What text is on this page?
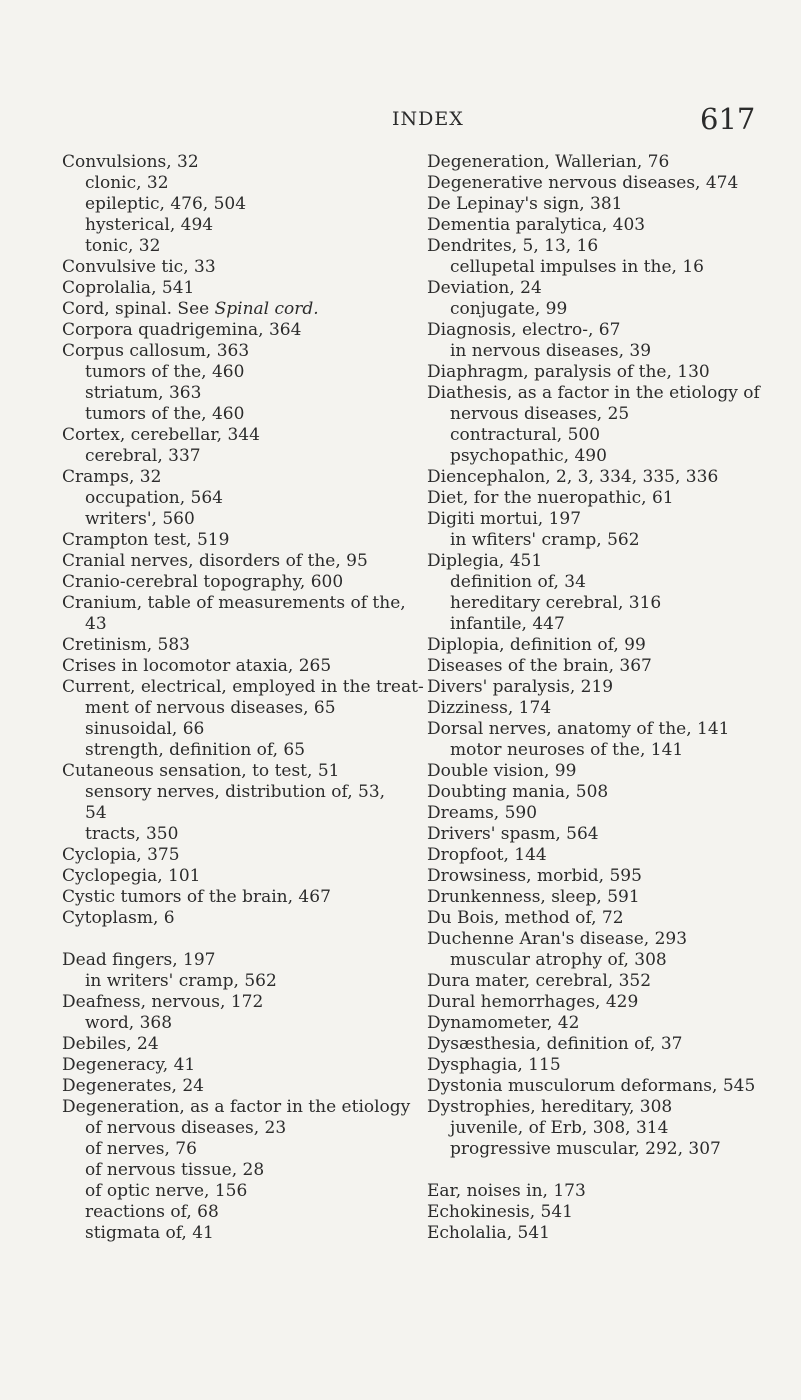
INDEX	617
Convulsions, 32
clonic, 32
epileptic, 476, 504
hysterical, 494
tonic, 32
Convulsive tic, 33
Coprolalia, 541
Cord, spinal. See Spinal cord.
Corpora quadrigemina, 364
Corpus callosum, 363
tumors of the, 460
striatum, 363
tumors of the, 460
Cortex, cerebellar, 344
cerebral, 337
Cramps, 32
occupation, 564
writers', 560
Crampton test, 519
Cranial nerves, disorders of the, 95
Cranio-cerebral topography, 600
Cranium, table of measurements of the,
43
Cretinism, 583
Crises in locomotor ataxia, 265
Current, electrical, employed in the treat-
ment of nervous diseases, 65
sinusoidal, 66
strength, definition of, 65
Cutaneous sensation, to test, 51
sensory nerves, distribution of, 53,
54
tracts, 350
Cyclopia, 375
Cyclopegia, 101
Cystic tumors of the brain, 467
Cytoplasm, 6
Dead fingers, 197
in writers' cramp, 562
Deafness, nervous, 172
word, 368
Debiles, 24
Degeneracy, 41
Degenerates, 24
Degeneration, as a factor in the etiology
of nervous diseases, 23
of nerves, 76
of nervous tissue, 28
of optic nerve, 156
reactions of, 68
stigmata of, 41
Degeneration, Wallerian, 76
Degenerative nervous diseases, 474
De Lepinay's sign, 381
Dementia paralytica, 403
Dendrites, 5, 13, 16
cellupetal impulses in the, 16
Deviation, 24
conjugate, 99
Diagnosis, electro-, 67
in nervous diseases, 39
Diaphragm, paralysis of the, 130
Diathesis, as a factor in the etiology of
nervous diseases, 25
contractural, 500
psychopathic, 490
Diencephalon, 2, 3, 334, 335, 336
Diet, for the nueropathic, 61
Digiti mortui, 197
in wfiters' cramp, 562
Diplegia, 451
definition of, 34
hereditary cerebral, 316
infantile, 447
Diplopia, definition of, 99
Diseases of the brain, 367
Divers' paralysis, 219
Dizziness, 174
Dorsal nerves, anatomy of the, 141
motor neuroses of the, 141
Double vision, 99
Doubting mania, 508
Dreams, 590
Drivers' spasm, 564
Dropfoot, 144
Drowsiness, morbid, 595
Drunkenness, sleep, 591
Du Bois, method of, 72
Duchenne Aran's disease, 293
muscular atrophy of, 308
Dura mater, cerebral, 352
Dural hemorrhages, 429
Dynamometer, 42
Dysæsthesia, definition of, 37
Dysphagia, 115
Dystonia musculorum deformans, 545
Dystrophies, hereditary, 308
juvenile, of Erb, 308, 314
progressive muscular, 292, 307
Ear, noises in, 173
Echokinesis, 541
Echolalia, 541
